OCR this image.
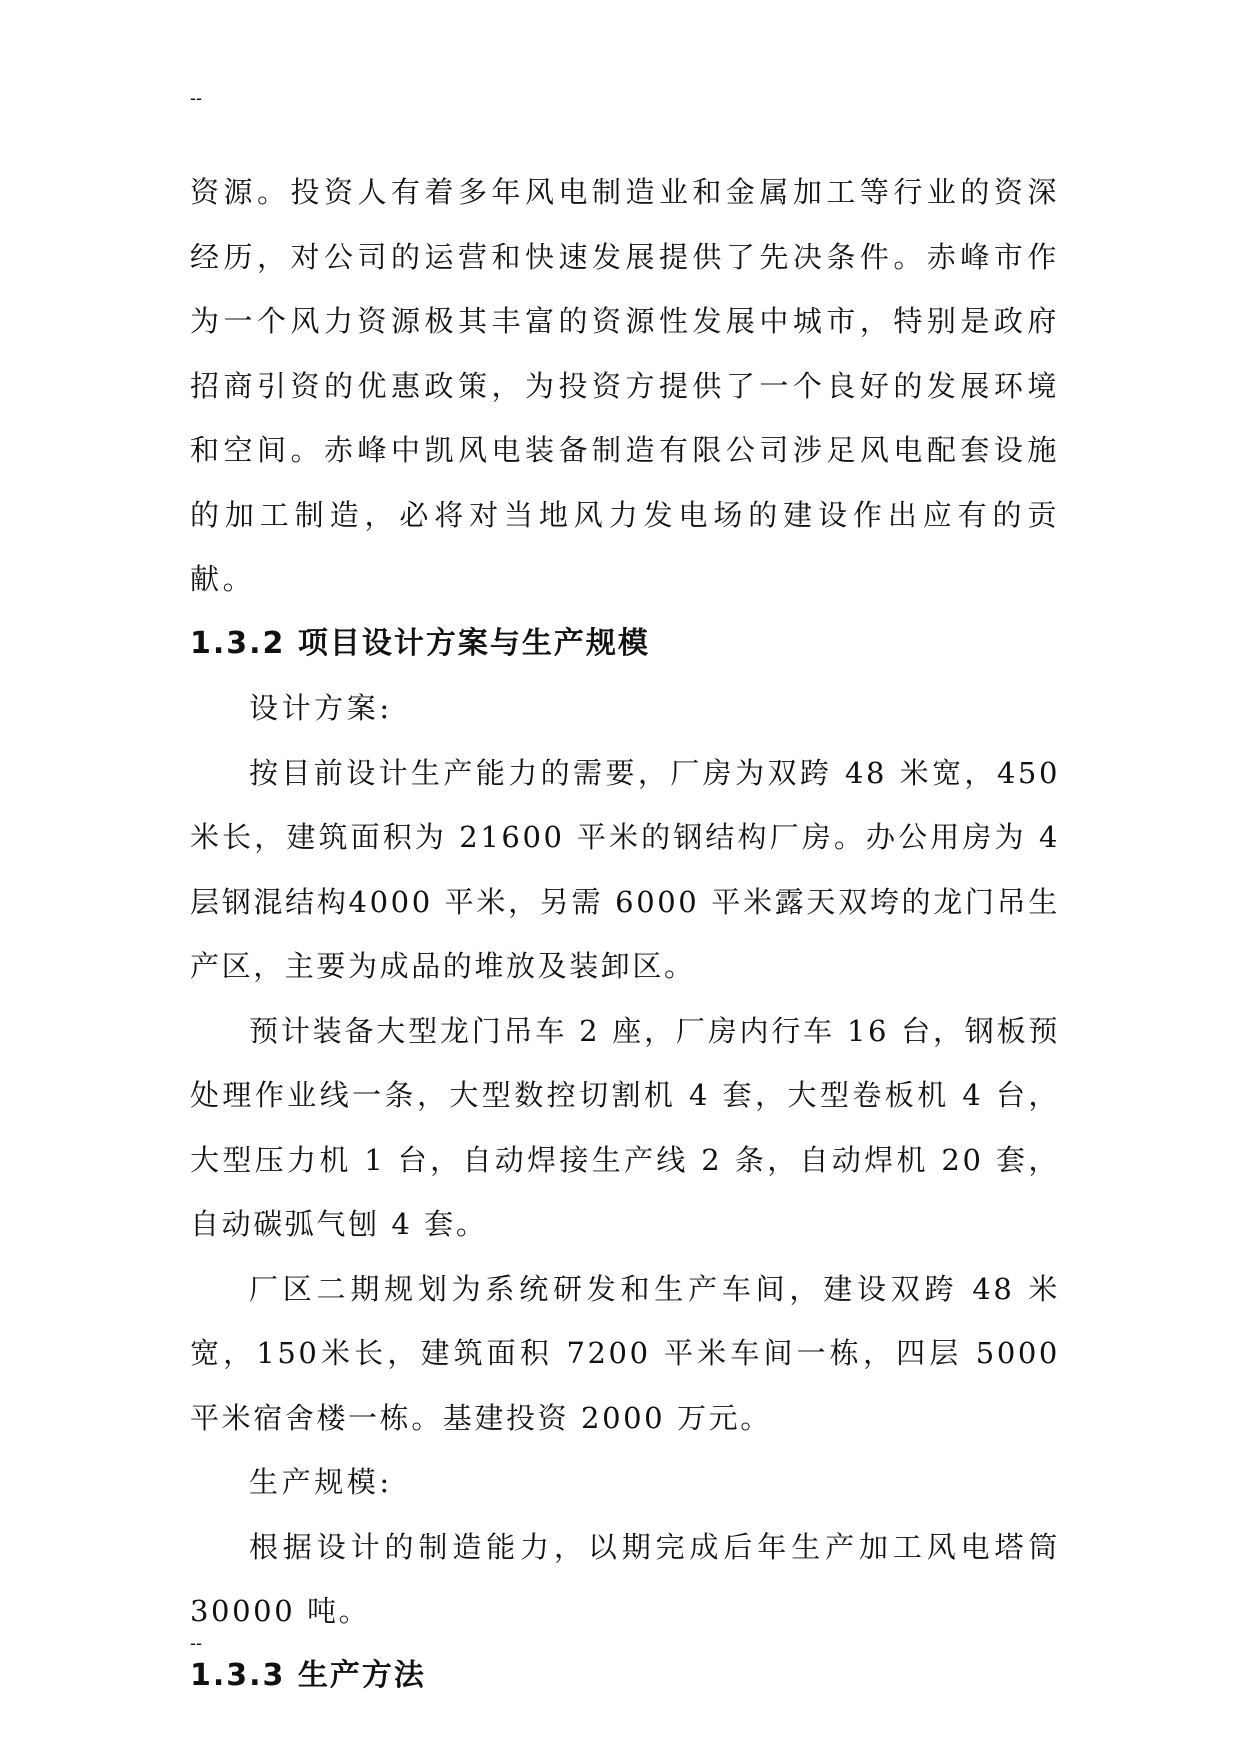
--

资源。投资人有着多年风电制造业和金属加工等行业的资深经历，对公司的运营和快速发展提供了先决条件。赤峰市作为一个风力资源极其丰富的资源性发展中城市，特别是政府招商引资的优惠政策，为投资方提供了一个良好的发展环境和空间。赤峰中凯风电装备制造有限公司涉足风电配套设施的加工制造，必将对当地风力发电场的建设作出应有的贡献。

1.3.2 项目设计方案与生产规模

设计方案:

按目前设计生产能力的需要，厂房为双跨 48 米宽，450 米长，建筑面积为 21600 平米的钢结构厂房。办公用房为 4 层钢混结构4000 平米，另需 6000 平米露天双垮的龙门吊生产区，主要为成品的堆放及装卸区。

预计装备大型龙门吊车 2 座，厂房内行车 16 台，钢板预处理作业线一条，大型数控切割机 4 套，大型卷板机 4 台，大型压力机 1 台，自动焊接生产线 2 条，自动焊机 20 套，自动碳弧气刨 4 套。

厂区二期规划为系统研发和生产车间，建设双跨 48 米宽，150米长，建筑面积 7200 平米车间一栋，四层 5000 平米宿舍楼一栋。基建投资 2000 万元。

生产规模:

根据设计的制造能力，以期完成后年生产加工风电塔筒 30000 吨。

1.3.3 生产方法
--
